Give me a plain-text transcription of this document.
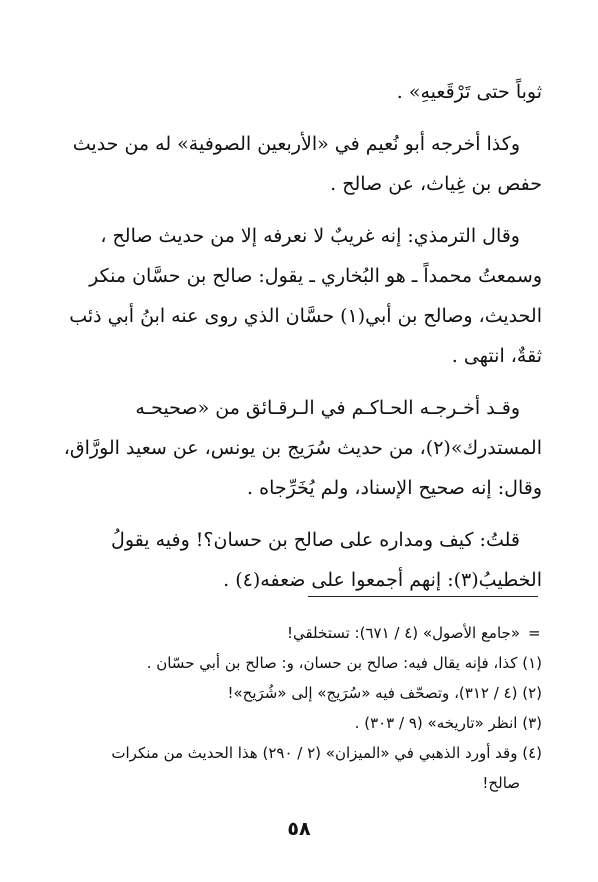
ثوباً حتى تَرْقَعيهِ» .
وكذا أخرجه أبو نُعيم في «الأربعين الصوفية» له من حديث
حفص بن غِياث، عن صالح .
وقال الترمذي: إنه غريبٌ لا نعرفه إلا من حديث صالح ،
وسمعتُ محمداً ـ هو البُخاري ـ يقول: صالح بن حسَّان منكر
الحديث، وصالح بن أبي(١) حسَّان الذي روى عنه ابنُ أبي ذئب
ثقةٌ، انتهى .
وقـد أخـرجـه الحـاكـم في الـرقـائق من «صحيحـه
المستدرك»(٢)، من حديث سُرَيج بن يونس، عن سعيد الورَّاق،
وقال: إنه صحيح الإسناد، ولم يُخَرِّجاه .
قلتُ: كيف ومداره على صالح بن حسان؟! وفيه يقولُ
الخطيبُ(٣): إنهم أجمعوا على ضعفه(٤) .
=
«جامع الأصول» (٤ / ٦٧١): تستخلقي!
(١) كذا، فإنه يقال فيه: صالح بن حسان، و: صالح بن أبي حسّان .
(٢) (٤ / ٣١٢)، وتصحّف فيه «سُرَيج» إلى «شُرَيح»!
(٣) انظر «تاريخه» (٩ / ٣٠٣) .
(٤) وقد أورد الذهبي في «الميزان» (٢ / ٢٩٠) هذا الحديث من منكرات
صالح!
٥٨
